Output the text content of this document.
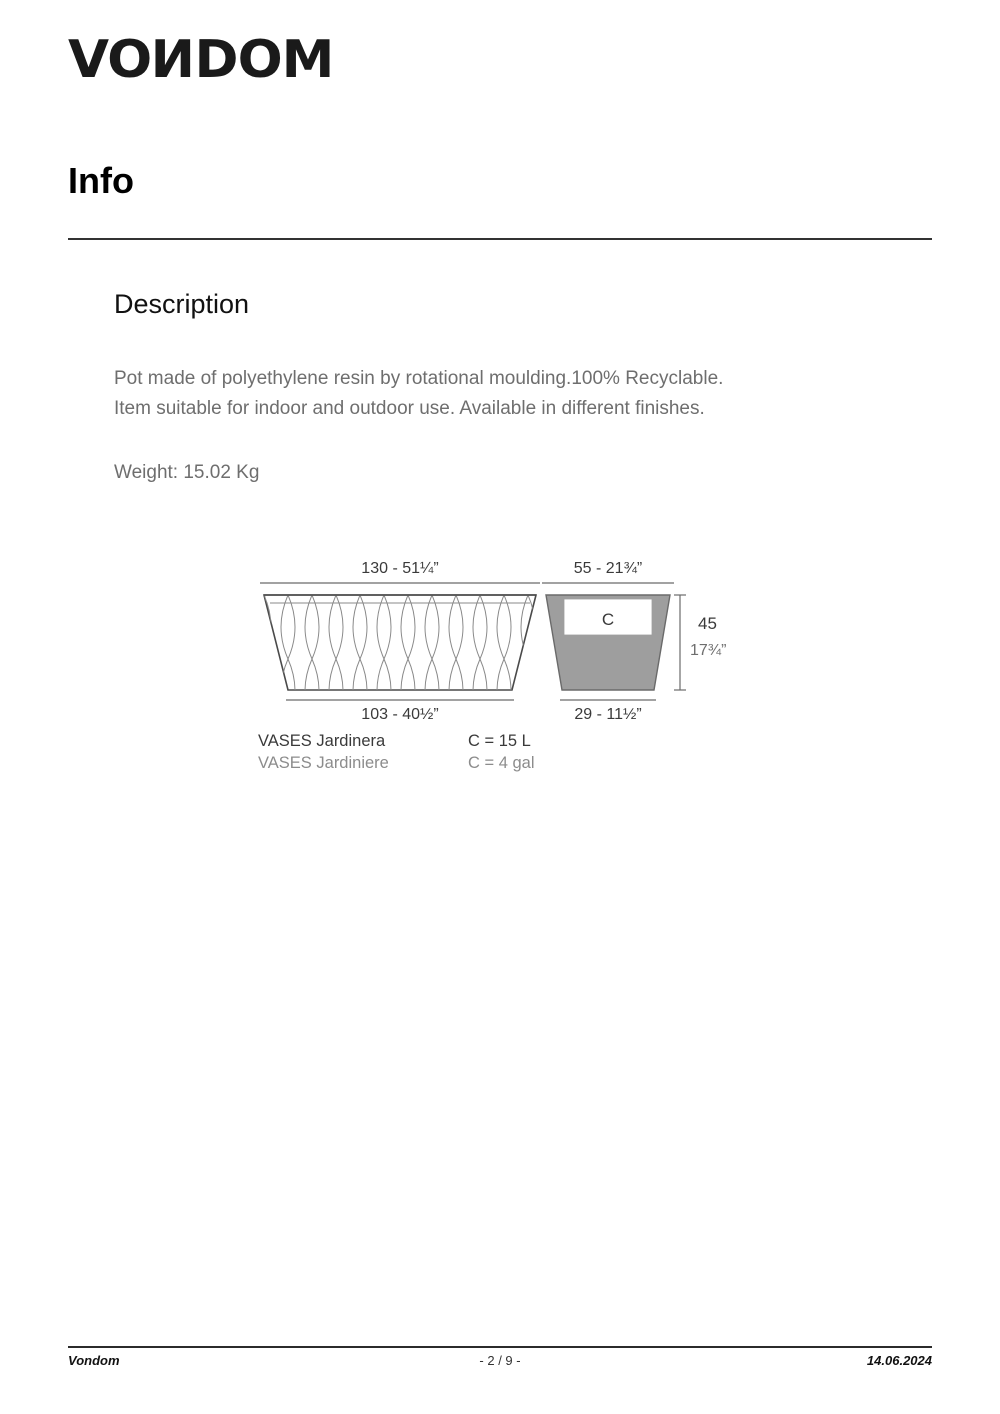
VONDOM
Info
Description
Pot made of polyethylene resin by rotational moulding.100% Recyclable.
Item suitable for indoor and outdoor use. Available in different finishes.
Weight: 15.02 Kg
130 - 51¼”
103 - 40½”
55 - 21¾”
C
29 - 11½”
45
17¾”
VASES Jardinera	C = 15 L
VASES Jardiniere	C = 4 gal
Vondom	- 2 / 9 -	14.06.2024
